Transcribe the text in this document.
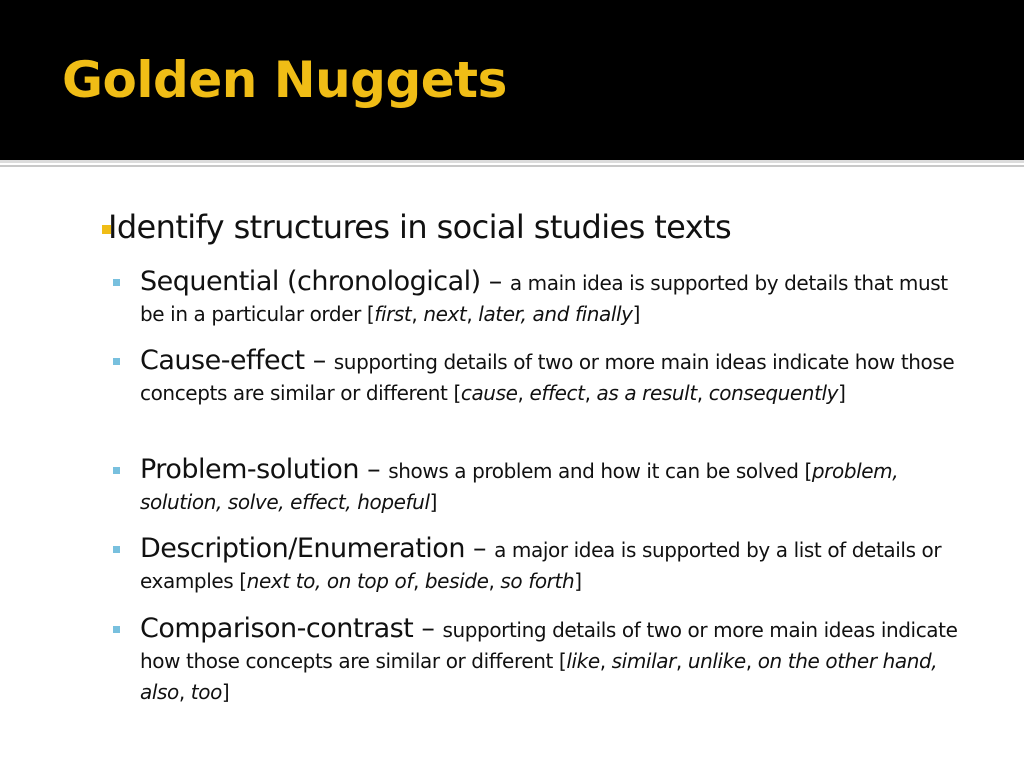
Golden Nuggets
Identify structures in social studies texts
Sequential (chronological) – a main idea is supported by details that must be in a particular order [first, next, later, and finally]
Cause-effect – supporting details of two or more main ideas indicate how those concepts are similar or different [cause, effect, as a result, consequently]
Problem-solution – shows a problem and how it can be solved [problem, solution, solve, effect, hopeful]
Description/Enumeration – a major idea is supported by a list of details or examples [next to, on top of, beside, so forth]
Comparison-contrast – supporting details of two or more main ideas indicate how those concepts are similar or different [like, similar, unlike, on the other hand, also, too]
